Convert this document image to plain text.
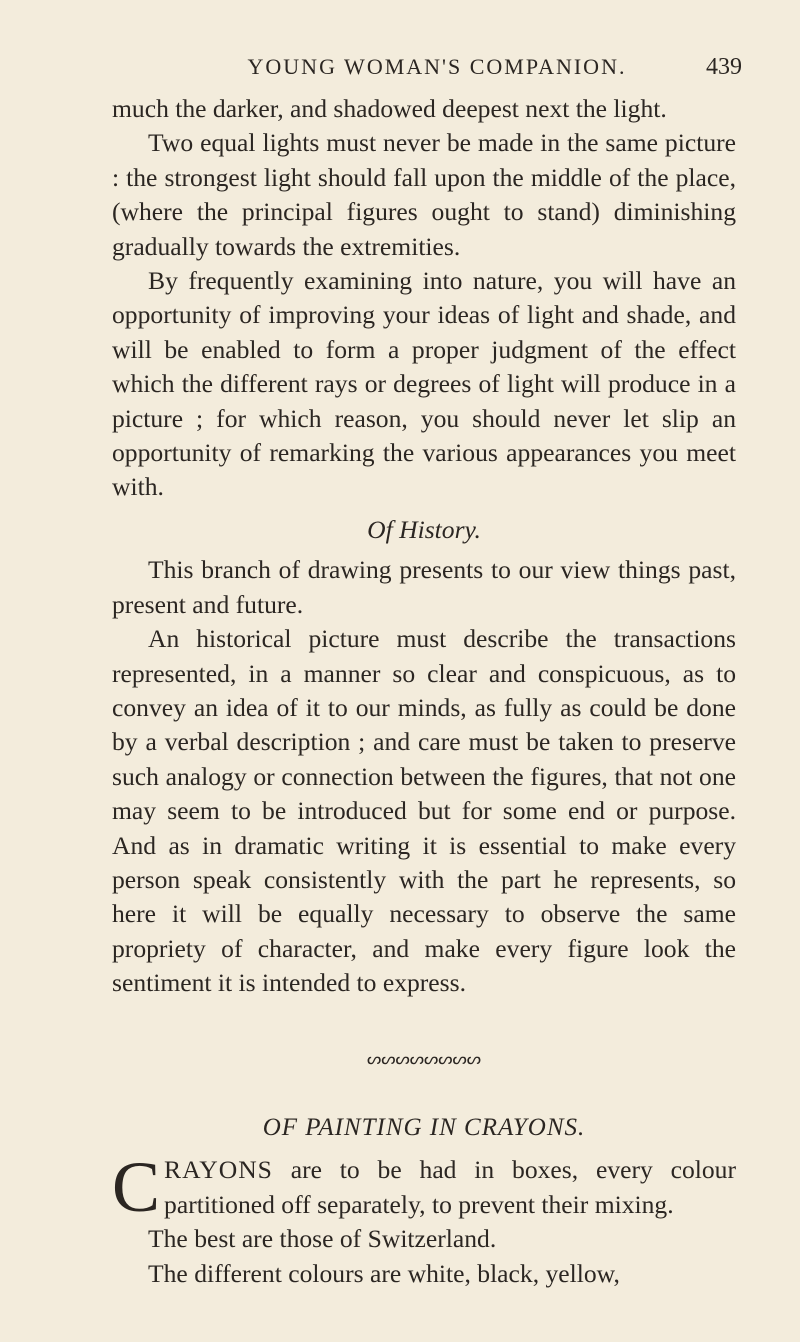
YOUNG WOMAN'S COMPANION.	439

much the darker, and shadowed deepest next the light.

Two equal lights must never be made in the same picture : the strongest light should fall upon the middle of the place, (where the principal figures ought to stand) diminishing gradually towards the extremities.

By frequently examining into nature, you will have an opportunity of improving your ideas of light and shade, and will be enabled to form a proper judgment of the effect which the different rays or degrees of light will produce in a picture ; for which reason, you should never let slip an opportunity of remarking the various appearances you meet with.

Of History.

This branch of drawing presents to our view things past, present and future.

An historical picture must describe the transactions represented, in a manner so clear and conspicuous, as to convey an idea of it to our minds, as fully as could be done by a verbal description ; and care must be taken to preserve such analogy or connection between the figures, that not one may seem to be introduced but for some end or purpose. And as in dramatic writing it is essential to make every person speak consistently with the part he represents, so here it will be equally necessary to observe the same propriety of character, and make every figure look the sentiment it is intended to express.

ᔕᔕᔕᔕᔕᔕᔕᔕ

OF PAINTING IN CRAYONS.

CRAYONS are to be had in boxes, every colour partitioned off separately, to prevent their mixing.

The best are those of Switzerland.

The different colours are white, black, yellow,
